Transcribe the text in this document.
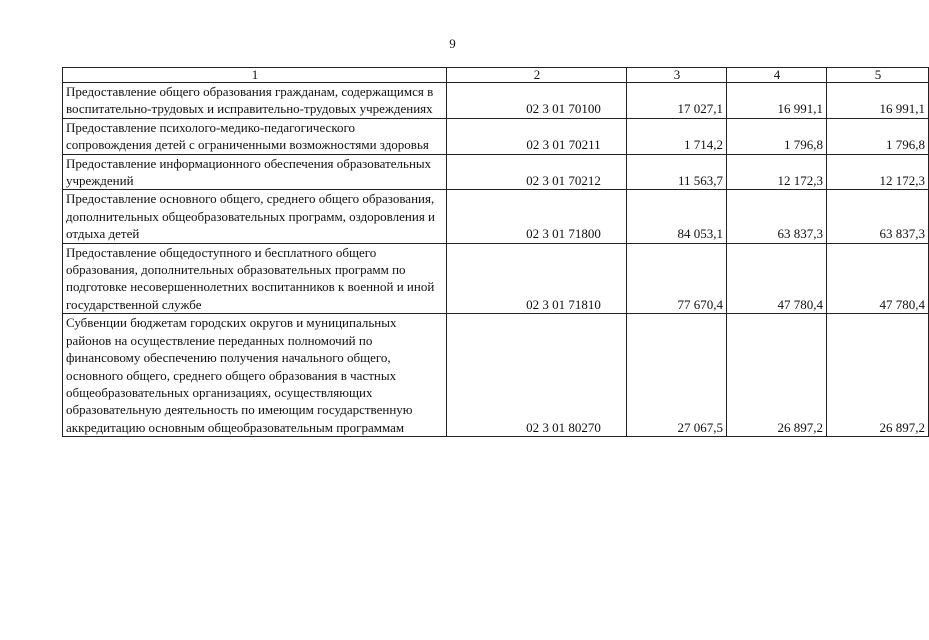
9
1	2	3	4	5
Предоставление общего образования гражданам, содержащимся в воспитательно-трудовых и исправительно-трудовых учреждениях	02 3 01 70100	17 027,1	16 991,1	16 991,1
Предоставление психолого-медико-педагогического сопровождения детей с ограниченными возможностями здоровья	02 3 01 70211	1 714,2	1 796,8	1 796,8
Предоставление информационного обеспечения образовательных учреждений	02 3 01 70212	11 563,7	12 172,3	12 172,3
Предоставление основного общего, среднего общего образования, дополнительных общеобразовательных программ, оздоровления и отдыха детей	02 3 01 71800	84 053,1	63 837,3	63 837,3
Предоставление общедоступного и бесплатного общего образования, дополнительных образовательных программ по подготовке несовершеннолетних воспитанников к военной и иной государственной службе	02 3 01 71810	77 670,4	47 780,4	47 780,4
Субвенции бюджетам городских округов и муниципальных районов на осуществление переданных полномочий по финансовому обеспечению получения начального общего, основного общего, среднего общего образования в частных общеобразовательных организациях, осуществляющих образовательную деятельность по имеющим государственную аккредитацию основным общеобразовательным программам	02 3 01 80270	27 067,5	26 897,2	26 897,2
